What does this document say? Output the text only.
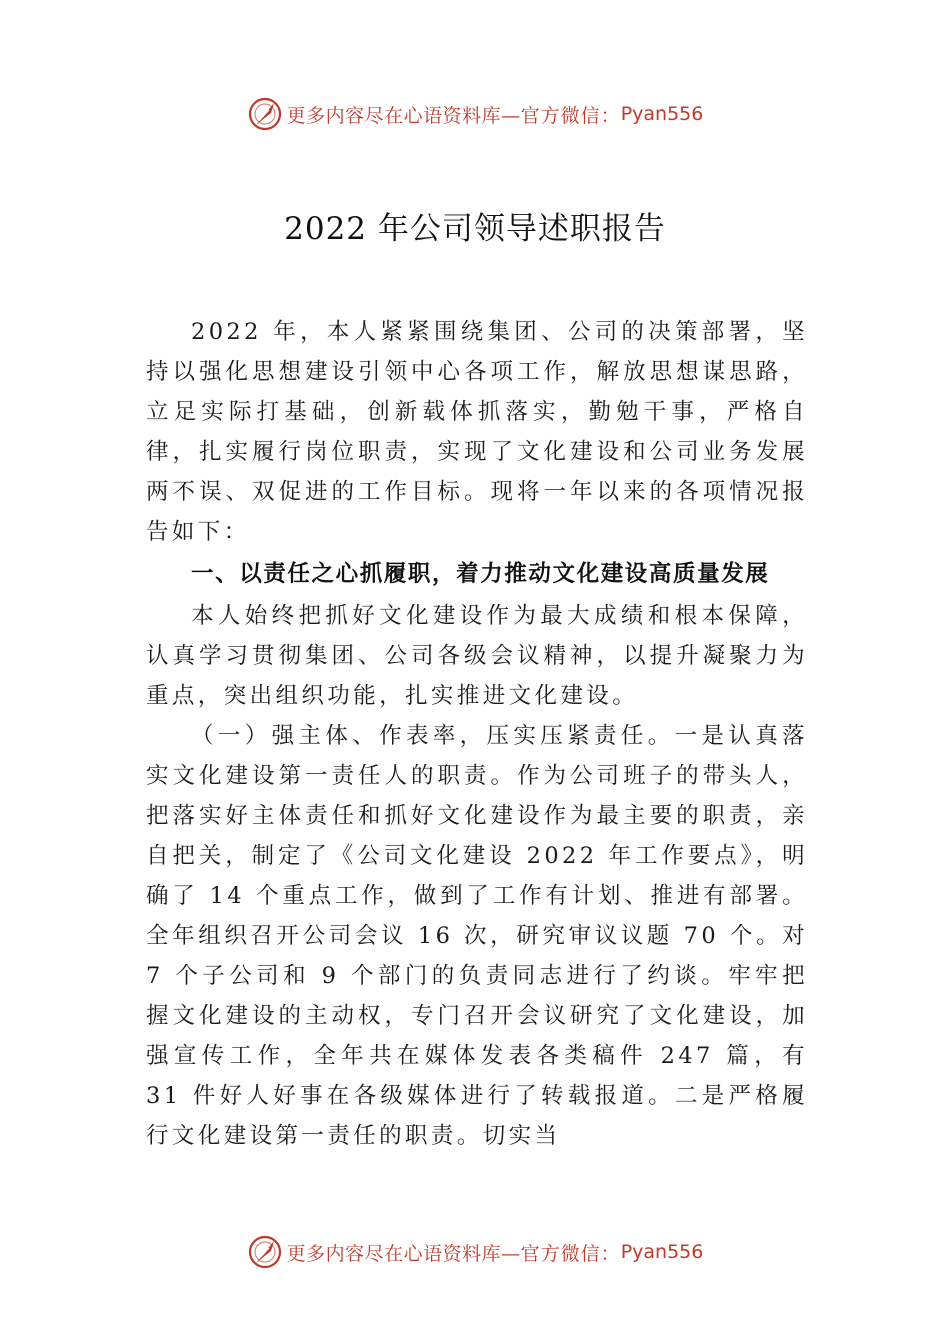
更多内容尽在心语资料库— 官方微信： Pyan556
2022 年公司领导述职报告

2022 年，本人紧紧围绕集团、公司的决策部署，坚持以强化思想建设引领中心各项工作，解放思想谋思路，立足实际打基础，创新载体抓落实，勤勉干事，严格自律，扎实履行岗位职责，实现了文化建设和公司业务发展两不误、双促进的工作目标。现将一年以来的各项情况报告如下：

一、以责任之心抓履职，着力推动文化建设高质量发展

本人始终把抓好文化建设作为最大成绩和根本保障，认真学习贯彻集团、公司各级会议精神，以提升凝聚力为重点，突出组织功能，扎实推进文化建设。

（一）强主体、作表率，压实压紧责任。一是认真落实文化建设第一责任人的职责。作为公司班子的带头人，把落实好主体责任和抓好文化建设作为最主要的职责，亲自把关，制定了《公司文化建设 2022 年工作要点》，明确了 14 个重点工作，做到了工作有计划、推进有部署。全年组织召开公司会议 16 次，研究审议议题 70 个。对 7 个子公司和 9 个部门的负责同志进行了约谈。牢牢把握文化建设的主动权，专门召开会议研究了文化建设，加强宣传工作，全年共在媒体发表各类稿件 247 篇，有 31 件好人好事在各级媒体进行了转载报道。二是严格履行文化建设第一责任的职责。切实当

更多内容尽在心语资料库— 官方微信： Pyan556
